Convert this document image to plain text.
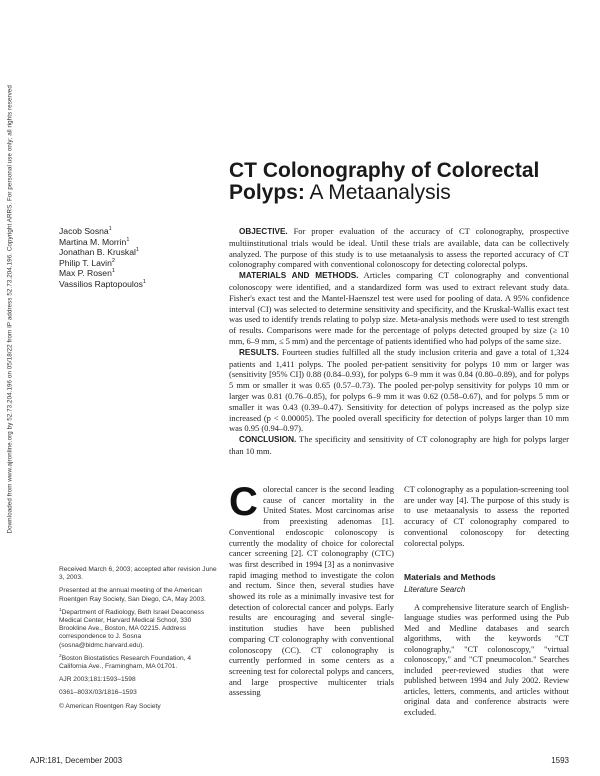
Downloaded from www.ajronline.org by 52.73.204.196 on 05/18/22 from IP address 52.73.204.196. Copyright ARRS. For personal use only; all rights reserved	CT Colonography of Colorectal Polyps: A Metaanalysis
Jacob Sosna$^1$
Martina M. Morrin$^1$
Jonathan B. Kruskal$^1$
Philip T. Lavin$^2$
Max P. Rosen$^1$
Vassilios Raptopoulos$^1$

OBJECTIVE. For proper evaluation of the accuracy of CT colonography, prospective multiinstitutional trials would be ideal. Until these trials are available, data can be collectively analyzed. The purpose of this study is to use metaanalysis to assess the reported accuracy of CT colonography compared with conventional colonoscopy for detecting colorectal polyps.

MATERIALS AND METHODS. Articles comparing CT colonography and conventional colonoscopy were identified, and a standardized form was used to extract relevant study data. Fisher's exact test and the Mantel-Haenszel test were used for pooling of data. A 95% confidence interval (CI) was selected to determine sensitivity and specificity, and the Kruskal-Wallis exact test was used to identify trends relating to polyp size. Meta-analysis methods were used to test strength of results. Comparisons were made for the percentage of polyps detected grouped by size (≥ 10 mm, 6–9 mm, ≤ 5 mm) and the percentage of patients identified who had polyps of the same size.

RESULTS. Fourteen studies fulfilled all the study inclusion criteria and gave a total of 1,324 patients and 1,411 polyps. The pooled per-patient sensitivity for polyps 10 mm or larger was (sensitivity [95% CI]) 0.88 (0.84–0.93), for polyps 6–9 mm it was 0.84 (0.80–0.89), and for polyps 5 mm or smaller it was 0.65 (0.57–0.73). The pooled per-polyp sensitivity for polyps 10 mm or larger was 0.81 (0.76–0.85), for polyps 6–9 mm it was 0.62 (0.58–0.67), and for polyps 5 mm or smaller it was 0.43 (0.39–0.47). Sensitivity for detection of polyps increased as the polyp size increased (p < 0.00005). The pooled overall specificity for detection of polyps larger than 10 mm was 0.95 (0.94–0.97).

CONCLUSION. The specificity and sensitivity of CT colonography are high for polyps larger than 10 mm.

Colorectal cancer is the second leading cause of cancer mortality in the United States. Most carcinomas arise from preexisting adenomas [1]. Conventional endoscopic colonoscopy is currently the modality of choice for colorectal cancer screening [2]. CT colonography (CTC) was first described in 1994 [3] as a noninvasive rapid imaging method to investigate the colon and rectum. Since then, several studies have showed its role as a minimally invasive test for detection of colorectal cancer and polyps. Early results are encouraging and several single-institution studies have been published comparing CT colonography with conventional colonoscopy (CC). CT colonography is currently performed in some centers as a screening test for colorectal polyps and cancers, and large prospective multicenter trials assessing

CT colonography as a population-screening tool are under way [4]. The purpose of this study is to use metaanalysis to assess the reported accuracy of CT colonography compared to conventional colonoscopy for detecting colorectal polyps.

Materials and Methods

Literature Search

A comprehensive literature search of English-language studies was performed using the Pub Med and Medline databases and search algorithms, with the keywords "CT colonography," "CT colonoscopy," "virtual colonoscopy," and "CT pneumocolon." Searches included peer-reviewed studies that were published between 1994 and July 2002. Review articles, letters, comments, and articles without original data and conference abstracts were excluded.

Received March 6, 2003; accepted after revision June 3, 2003.

Presented at the annual meeting of the American Roentgen Ray Society, San Diego, CA, May 2003.

$^1$Department of Radiology, Beth Israel Deaconess Medical Center, Harvard Medical School, 330 Brookline Ave., Boston, MA 02215. Address correspondence to J. Sosna (sosna@bidmc.harvard.edu).

$^2$Boston Biostatistics Research Foundation, 4 California Ave., Framingham, MA 01701.

AJR 2003;181:1593–1598

0361–803X/03/1816–1593

© American Roentgen Ray Society

AJR:181, December 2003	1593
